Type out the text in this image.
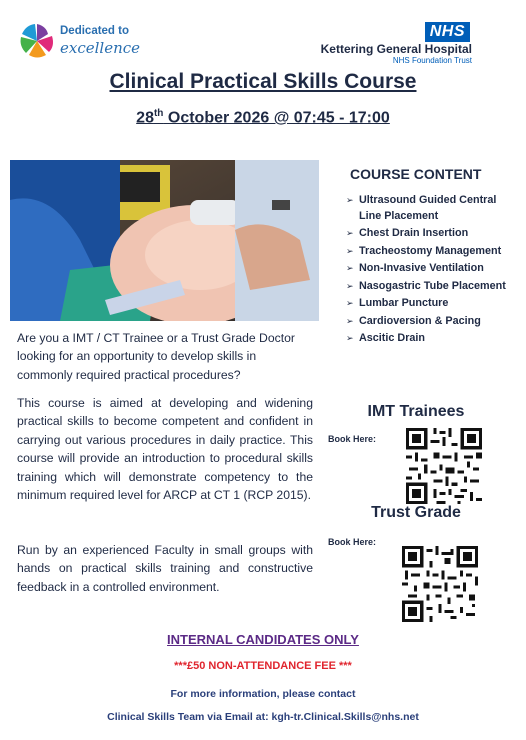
Dedicated to
excellence
NHS
Kettering General Hospital
NHS Foundation Trust
Clinical Practical Skills Course
28th October 2026 @ 07:45 - 17:00
Are you a IMT / CT Trainee or a Trust Grade Doctor looking for an opportunity to develop skills in commonly required practical procedures?
This course is aimed at developing and widening practical skills to become competent and confident in carrying out various procedures in daily practice. This course will provide an introduction to procedural skills training which will demonstrate competency to the minimum required level for ARCP at CT 1 (RCP 2015).
Run by an experienced Faculty in small groups with hands on practical skills training and constructive feedback in a controlled environment.
COURSE CONTENT
➢ Ultrasound Guided Central Line Placement
➢ Chest Drain Insertion
➢ Tracheostomy Management
➢ Non-Invasive Ventilation
➢ Nasogastric Tube Placement
➢ Lumbar Puncture
➢ Cardioversion & Pacing
➢ Ascitic Drain
IMT Trainees
Book Here:
Trust Grade
Book Here:
INTERNAL CANDIDATES ONLY
***£50 NON-ATTENDANCE FEE ***
For more information, please contact
Clinical Skills Team via Email at: kgh-tr.Clinical.Skills@nhs.net
